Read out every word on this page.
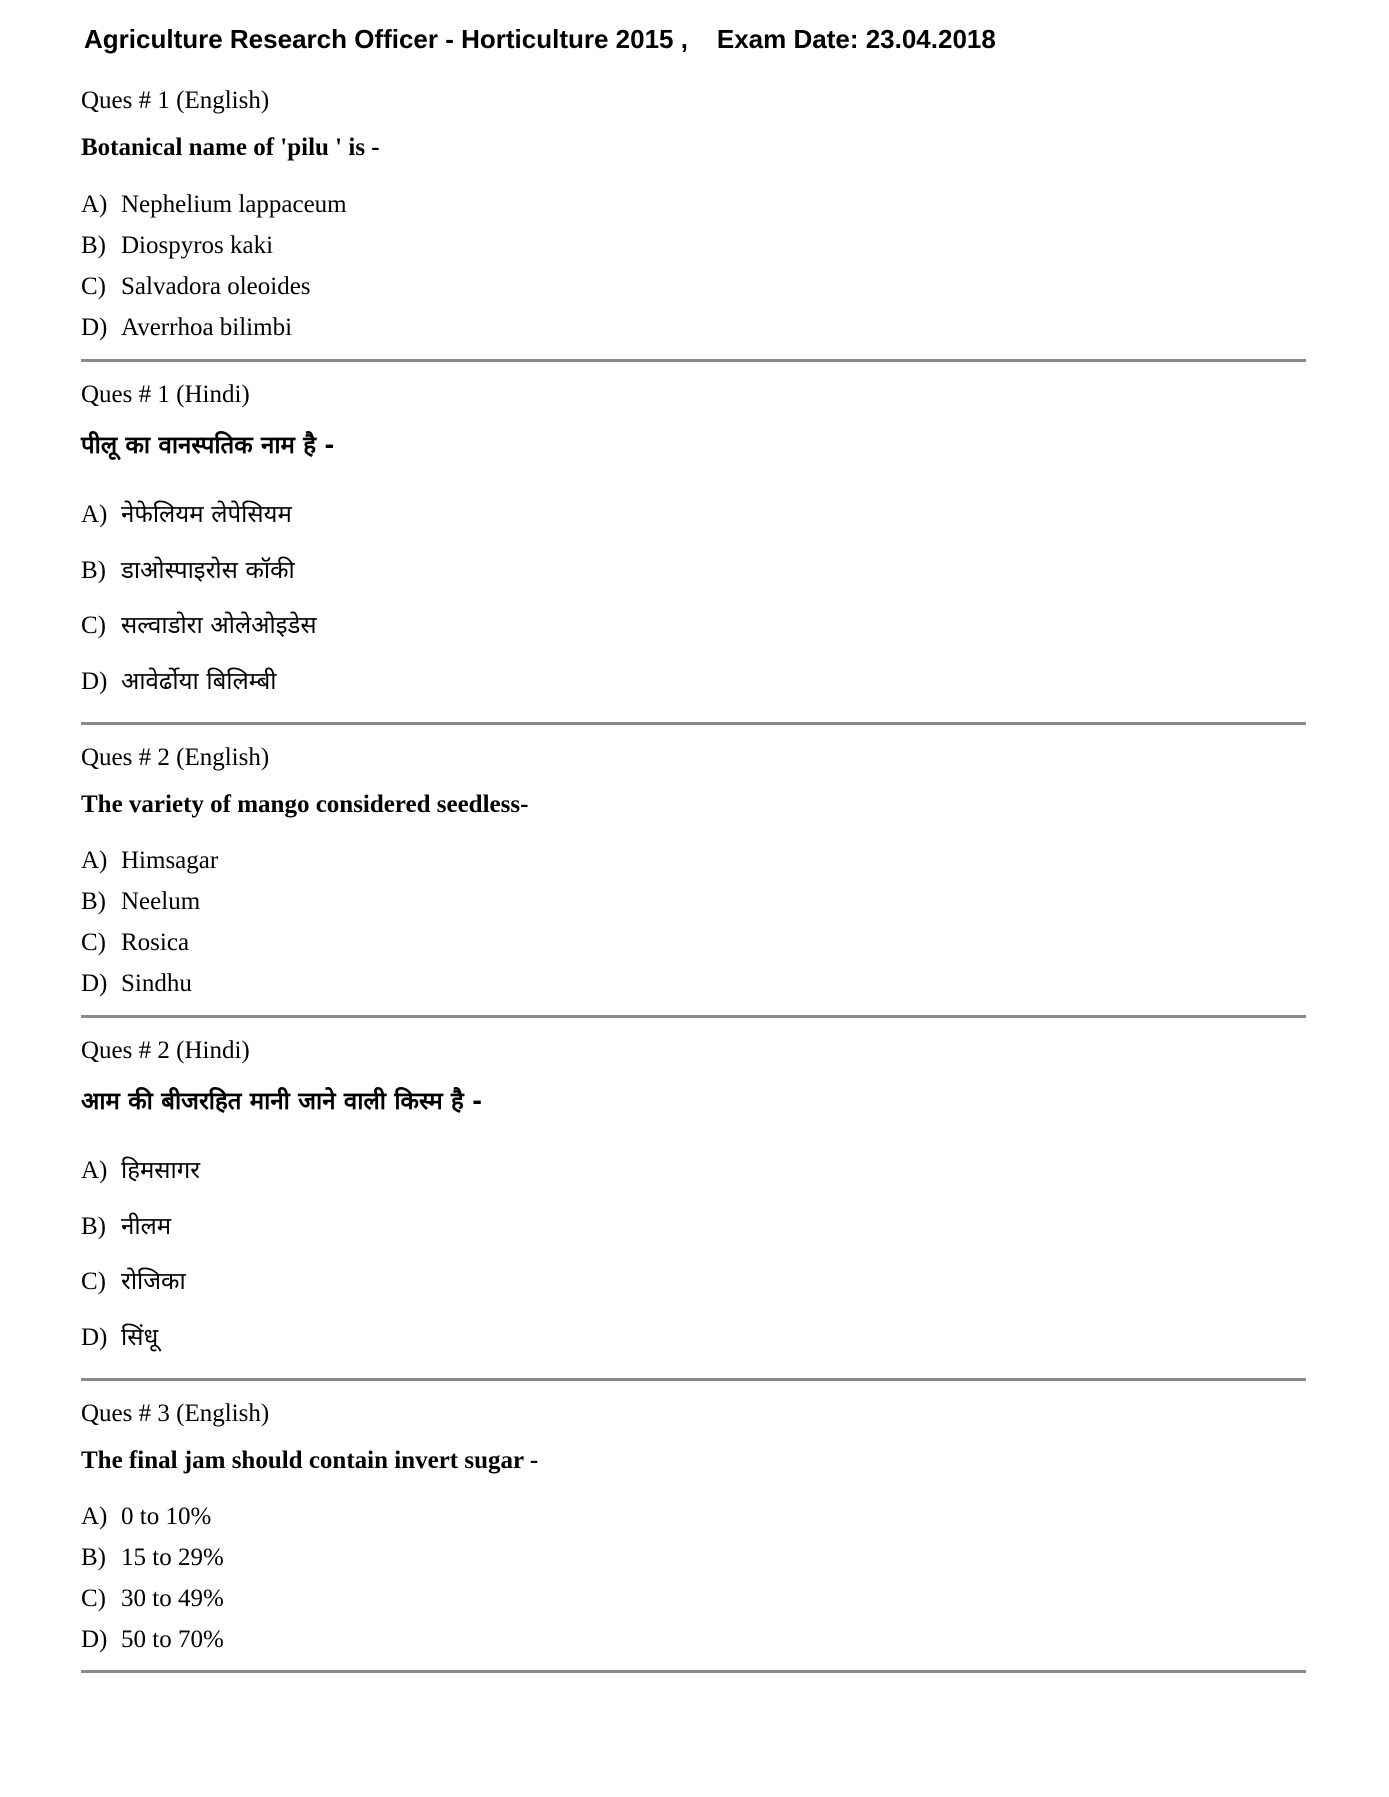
Agriculture Research Officer - Horticulture 2015 ,    Exam Date: 23.04.2018
Ques # 1 (English)
Botanical name of 'pilu ' is -
A) Nephelium lappaceum
B) Diospyros kaki
C) Salvadora oleoides
D) Averrhoa bilimbi
Ques # 1 (Hindi)
पीलू का वानस्पतिक नाम है -
A) नेफेलियम लेपेसियम
B) डाओस्पाइरोस कॉकी
C) सल्वाडोरा ओलेओइडेस
D) आवेर्ढोया बिलिम्बी
Ques # 2 (English)
The variety of mango considered seedless-
A) Himsagar
B) Neelum
C) Rosica
D) Sindhu
Ques # 2 (Hindi)
आम की बीजरहित मानी जाने वाली किस्म है -
A) हिमसागर
B) नीलम
C) रोजिका
D) सिंधू
Ques # 3 (English)
The final jam should contain invert sugar -
A) 0 to 10%
B) 15 to 29%
C) 30 to 49%
D) 50 to 70%
